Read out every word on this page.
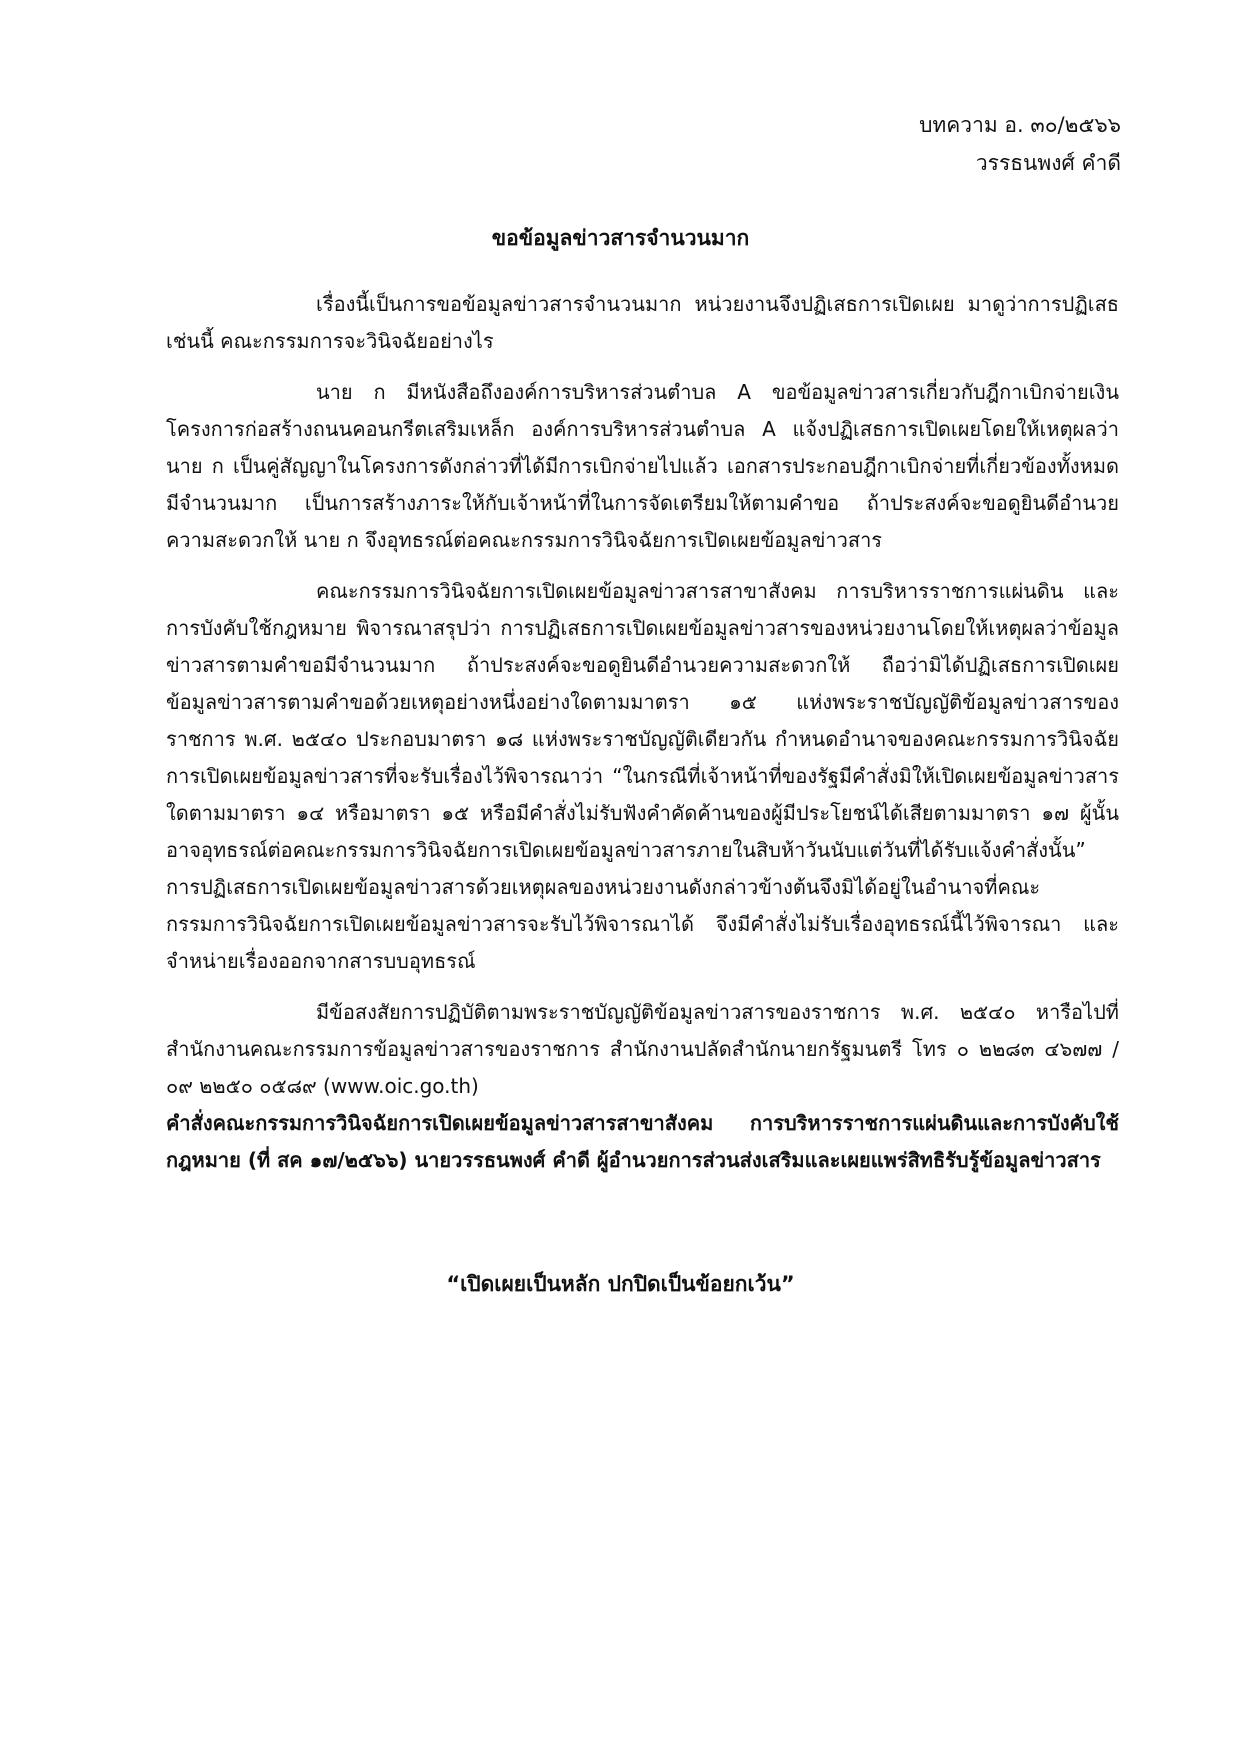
บทความ อ. ๓๐/๒๕๖๖
วรรธนพงศ์ คำดี
ขอข้อมูลข่าวสารจำนวนมาก

เรื่องนี้เป็นการขอข้อมูลข่าวสารจำนวนมาก หน่วยงานจึงปฏิเสธการเปิดเผย มาดูว่าการปฏิเสธเช่นนี้ คณะกรรมการจะวินิจฉัยอย่างไร

นาย ก มีหนังสือถึงองค์การบริหารส่วนตำบล A ขอข้อมูลข่าวสารเกี่ยวกับฎีกาเบิกจ่ายเงินโครงการก่อสร้างถนนคอนกรีตเสริมเหล็ก องค์การบริหารส่วนตำบล A แจ้งปฏิเสธการเปิดเผยโดยให้เหตุผลว่า นาย ก เป็นคู่สัญญาในโครงการดังกล่าวที่ได้มีการเบิกจ่ายไปแล้ว เอกสารประกอบฎีกาเบิกจ่ายที่เกี่ยวข้องทั้งหมดมีจำนวนมาก เป็นการสร้างภาระให้กับเจ้าหน้าที่ในการจัดเตรียมให้ตามคำขอ ถ้าประสงค์จะขอดูยินดีอำนวยความสะดวกให้ นาย ก จึงอุทธรณ์ต่อคณะกรรมการวินิจฉัยการเปิดเผยข้อมูลข่าวสาร

คณะกรรมการวินิจฉัยการเปิดเผยข้อมูลข่าวสารสาขาสังคม การบริหารราชการแผ่นดิน และการบังคับใช้กฎหมาย พิจารณาสรุปว่า การปฏิเสธการเปิดเผยข้อมูลข่าวสารของหน่วยงานโดยให้เหตุผลว่าข้อมูลข่าวสารตามคำขอมีจำนวนมาก ถ้าประสงค์จะขอดูยินดีอำนวยความสะดวกให้ ถือว่ามิได้ปฏิเสธการเปิดเผยข้อมูลข่าวสารตามคำขอด้วยเหตุอย่างหนึ่งอย่างใดตามมาตรา ๑๕ แห่งพระราชบัญญัติข้อมูลข่าวสารของราชการ พ.ศ. ๒๕๔๐ ประกอบมาตรา ๑๘ แห่งพระราชบัญญัติเดียวกัน กำหนดอำนาจของคณะกรรมการวินิจฉัยการเปิดเผยข้อมูลข่าวสารที่จะรับเรื่องไว้พิจารณาว่า “ในกรณีที่เจ้าหน้าที่ของรัฐมีคำสั่งมิให้เปิดเผยข้อมูลข่าวสารใดตามมาตรา ๑๔ หรือมาตรา ๑๕ หรือมีคำสั่งไม่รับฟังคำคัดค้านของผู้มีประโยชน์ได้เสียตามมาตรา ๑๗ ผู้นั้นอาจอุทธรณ์ต่อคณะกรรมการวินิจฉัยการเปิดเผยข้อมูลข่าวสารภายในสิบห้าวันนับแต่วันที่ได้รับแจ้งคำสั่งนั้น” การปฏิเสธการเปิดเผยข้อมูลข่าวสารด้วยเหตุผลของหน่วยงานดังกล่าวข้างต้นจึงมิได้อยู่ในอำนาจที่คณะกรรมการวินิจฉัยการเปิดเผยข้อมูลข่าวสารจะรับไว้พิจารณาได้ จึงมีคำสั่งไม่รับเรื่องอุทธรณ์นี้ไว้พิจารณา และจำหน่ายเรื่องออกจากสารบบอุทธรณ์

มีข้อสงสัยการปฏิบัติตามพระราชบัญญัติข้อมูลข่าวสารของราชการ พ.ศ. ๒๕๔๐ หารือไปที่สำนักงานคณะกรรมการข้อมูลข่าวสารของราชการ สำนักงานปลัดสำนักนายกรัฐมนตรี โทร ๐ ๒๒๘๓ ๔๖๗๗ / ๐๙ ๒๒๕๐ ๐๕๘๙ (www.oic.go.th)

คำสั่งคณะกรรมการวินิจฉัยการเปิดเผยข้อมูลข่าวสารสาขาสังคม การบริหารราชการแผ่นดินและการบังคับใช้กฎหมาย (ที่ สค ๑๗/๒๕๖๖) นายวรรธนพงศ์ คำดี ผู้อำนวยการส่วนส่งเสริมและเผยแพร่สิทธิรับรู้ข้อมูลข่าวสาร

“เปิดเผยเป็นหลัก ปกปิดเป็นข้อยกเว้น”
